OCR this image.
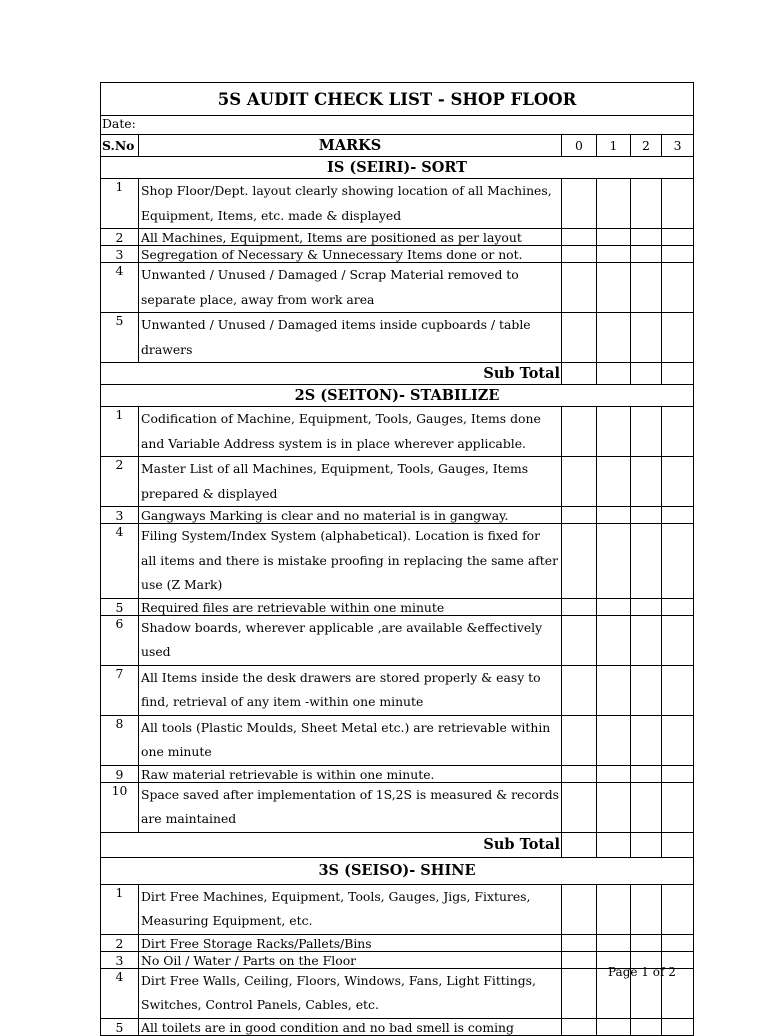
5S AUDIT CHECK LIST - SHOP FLOOR					
Date:					
S.No	MARKS	0	1	2	3
IS (SEIRI)- SORT					
1	Shop Floor/Dept. layout clearly showing location of all Machines, Equipment, Items, etc. made & displayed				
2	All Machines, Equipment, Items are positioned as per layout				
3	Segregation of Necessary & Unnecessary Items done or not.				
4	Unwanted / Unused / Damaged / Scrap Material removed to separate place, away from work area				
5	Unwanted / Unused / Damaged items inside cupboards / table drawers				
Sub Total					
2S (SEITON)- STABILIZE					
1	Codification of Machine, Equipment, Tools, Gauges, Items done and Variable Address system is in place wherever applicable.				
2	Master List of all Machines, Equipment, Tools, Gauges, Items prepared & displayed				
3	Gangways Marking is clear and no material is in gangway.				
4	Filing System/Index System (alphabetical). Location is fixed for all items and there is mistake proofing in replacing the same after use (Z Mark)				
5	Required files are retrievable within one minute				
6	Shadow boards, wherever applicable ,are available &effectively used				
7	All Items inside the desk drawers are stored properly & easy to find, retrieval of any item -within one minute				
8	All tools (Plastic Moulds, Sheet Metal etc.) are retrievable within one minute				
9	Raw material retrievable is within one minute.				
10	Space saved after implementation of 1S,2S is measured & records are maintained				
Sub Total					
3S (SEISO)- SHINE					
1	Dirt Free Machines, Equipment, Tools, Gauges, Jigs, Fixtures, Measuring Equipment, etc.				
2	Dirt Free Storage Racks/Pallets/Bins				
3	No Oil / Water / Parts on the Floor				
4	Dirt Free Walls, Ceiling, Floors, Windows, Fans, Light Fittings, Switches, Control Panels, Cables, etc.				
5	All toilets are in good condition and no bad smell is coming				
Page 1 of 2
